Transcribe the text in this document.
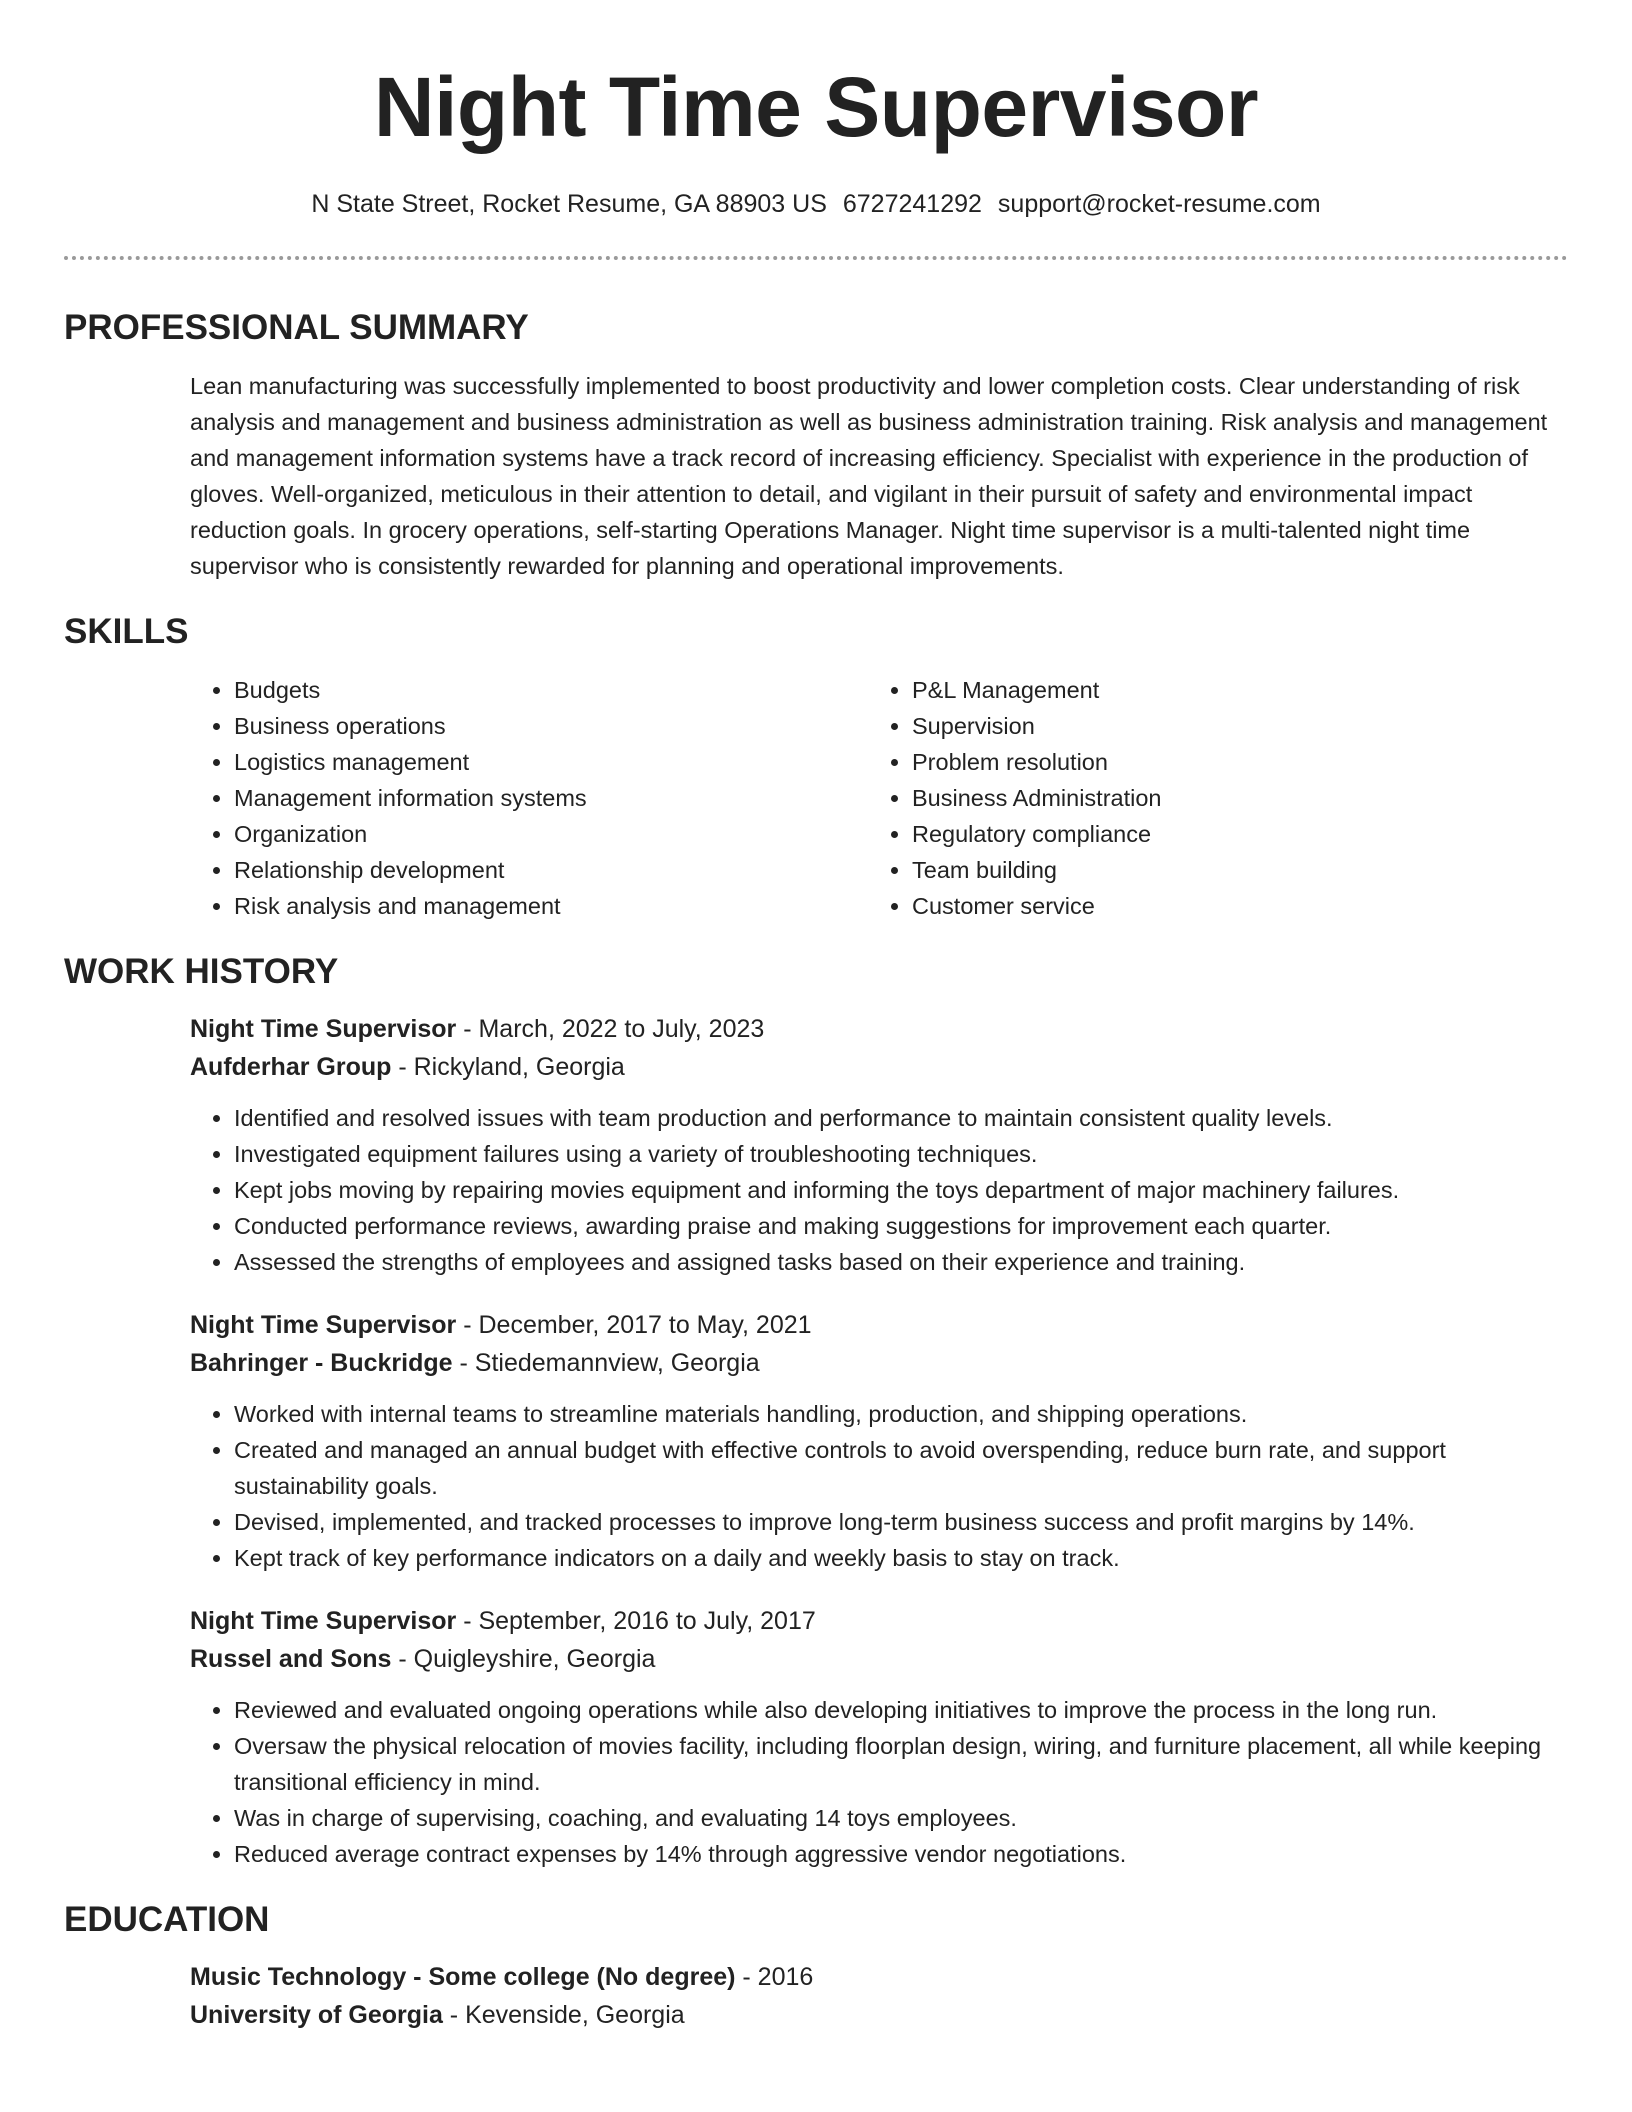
Night Time Supervisor
N State Street, Rocket Resume, GA 88903 US 6727241292 support@rocket-resume.com
PROFESSIONAL SUMMARY
Lean manufacturing was successfully implemented to boost productivity and lower completion costs. Clear understanding of risk analysis and management and business administration as well as business administration training. Risk analysis and management and management information systems have a track record of increasing efficiency. Specialist with experience in the production of gloves. Well-organized, meticulous in their attention to detail, and vigilant in their pursuit of safety and environmental impact reduction goals. In grocery operations, self-starting Operations Manager. Night time supervisor is a multi-talented night time supervisor who is consistently rewarded for planning and operational improvements.
SKILLS
• Budgets
• Business operations
• Logistics management
• Management information systems
• Organization
• Relationship development
• Risk analysis and management
• P&L Management
• Supervision
• Problem resolution
• Business Administration
• Regulatory compliance
• Team building
• Customer service
WORK HISTORY
Night Time Supervisor - March, 2022 to July, 2023
Aufderhar Group - Rickyland, Georgia
• Identified and resolved issues with team production and performance to maintain consistent quality levels.
• Investigated equipment failures using a variety of troubleshooting techniques.
• Kept jobs moving by repairing movies equipment and informing the toys department of major machinery failures.
• Conducted performance reviews, awarding praise and making suggestions for improvement each quarter.
• Assessed the strengths of employees and assigned tasks based on their experience and training.
Night Time Supervisor - December, 2017 to May, 2021
Bahringer - Buckridge - Stiedemannview, Georgia
• Worked with internal teams to streamline materials handling, production, and shipping operations.
• Created and managed an annual budget with effective controls to avoid overspending, reduce burn rate, and support sustainability goals.
• Devised, implemented, and tracked processes to improve long-term business success and profit margins by 14%.
• Kept track of key performance indicators on a daily and weekly basis to stay on track.
Night Time Supervisor - September, 2016 to July, 2017
Russel and Sons - Quigleyshire, Georgia
• Reviewed and evaluated ongoing operations while also developing initiatives to improve the process in the long run.
• Oversaw the physical relocation of movies facility, including floorplan design, wiring, and furniture placement, all while keeping transitional efficiency in mind.
• Was in charge of supervising, coaching, and evaluating 14 toys employees.
• Reduced average contract expenses by 14% through aggressive vendor negotiations.
EDUCATION
Music Technology - Some college (No degree) - 2016
University of Georgia - Kevenside, Georgia
